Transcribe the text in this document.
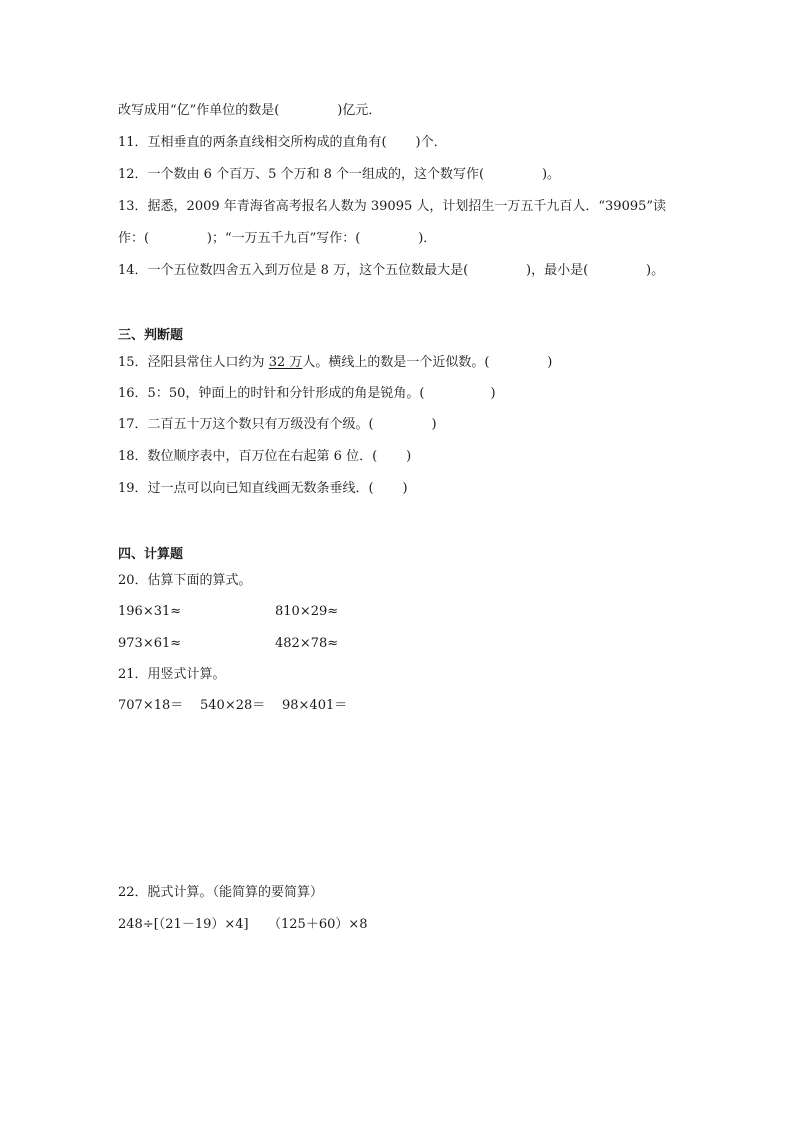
改写成用“亿”作单位的数是(              )亿元．
11．互相垂直的两条直线相交所构成的直角有(       )个．
12．一个数由 6 个百万、5 个万和 8 个一组成的，这个数写作(              )。
13．据悉，2009 年青海省高考报名人数为 39095 人，计划招生一万五千九百人．“39095”读
作：(              )；“一万五千九百”写作：(              )．
14．一个五位数四舍五入到万位是 8 万，这个五位数最大是(              )，最小是(              )。
三、判断题
15．泾阳县常住人口约为 32 万人。横线上的数是一个近似数。(              )
16．5：50，钟面上的时针和分针形成的角是锐角。(                )
17．二百五十万这个数只有万级没有个级。(              )
18．数位顺序表中，百万位在右起第 6 位．(       )
19．过一点可以向已知直线画无数条垂线．(       )
四、计算题
20．估算下面的算式。
196×31≈	810×29≈
973×61≈	482×78≈
21．用竖式计算。
707×18＝ 540×28＝ 98×401＝
22．脱式计算。（能简算的要简算）
248÷[（21－19）×4] （125＋60）×8
